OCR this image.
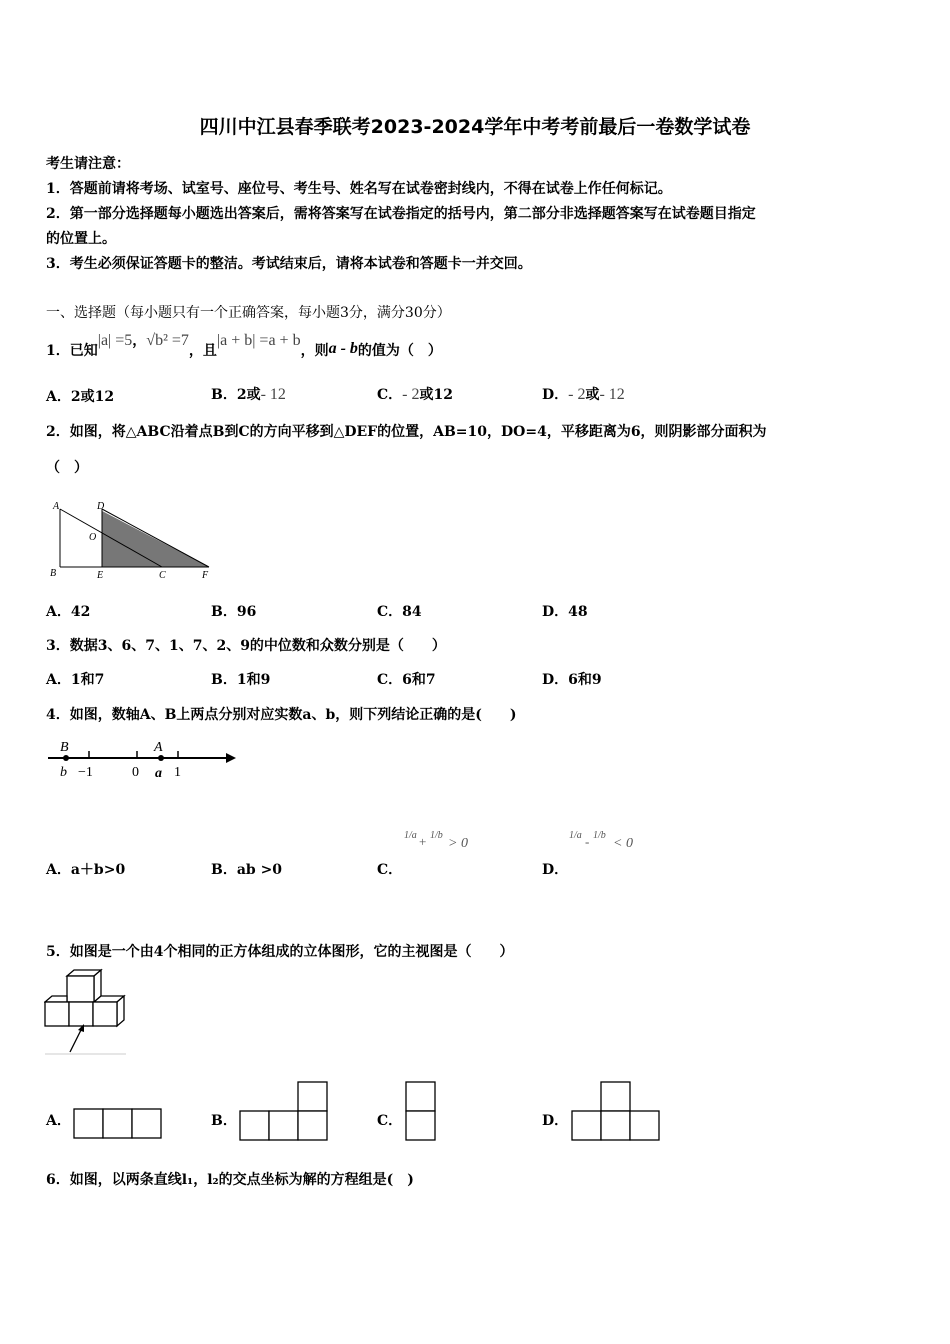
四川中江县春季联考2023-2024学年中考考前最后一卷数学试卷
考生请注意：
1．答题前请将考场、试室号、座位号、考生号、姓名写在试卷密封线内，不得在试卷上作任何标记。
2．第一部分选择题每小题选出答案后，需将答案写在试卷指定的括号内，第二部分非选择题答案写在试卷题目指定
的位置上。
3．考生必须保证答题卡的整洁。考试结束后，请将本试卷和答题卡一并交回。
一、选择题（每小题只有一个正确答案，每小题3分，满分30分）
1．已知|a| =5，√b² =7，且|a + b| =a + b，则a - b的值为（　）
A．2或12	B．2或- 12	C．- 2或12	D．- 2或- 12
2．如图，将△ABC沿着点B到C的方向平移到△DEF的位置，AB=10，DO=4，平移距离为6，则阴影部分面积为
（　）
A	D
O
B	E	C	F
A．42	B．96	C．84	D．48
3．数据3、6、7、1、7、2、9的中位数和众数分别是（　　）
A．1和7	B．1和9	C．6和7	D．6和9
4．如图，数轴A、B上两点分别对应实数a、b，则下列结论正确的是(　　)
B	A
b −1	0 a 1
A．a＋b>0	B．ab >0	C．
1/a + 1/b
> 0
D．
1/a - 1/b
< 0
5．如图是一个由4个相同的正方体组成的立体图形，它的主视图是（　　）
A．	B．	C．	D．
6．如图，以两条直线l₁，l₂的交点坐标为解的方程组是(　)
